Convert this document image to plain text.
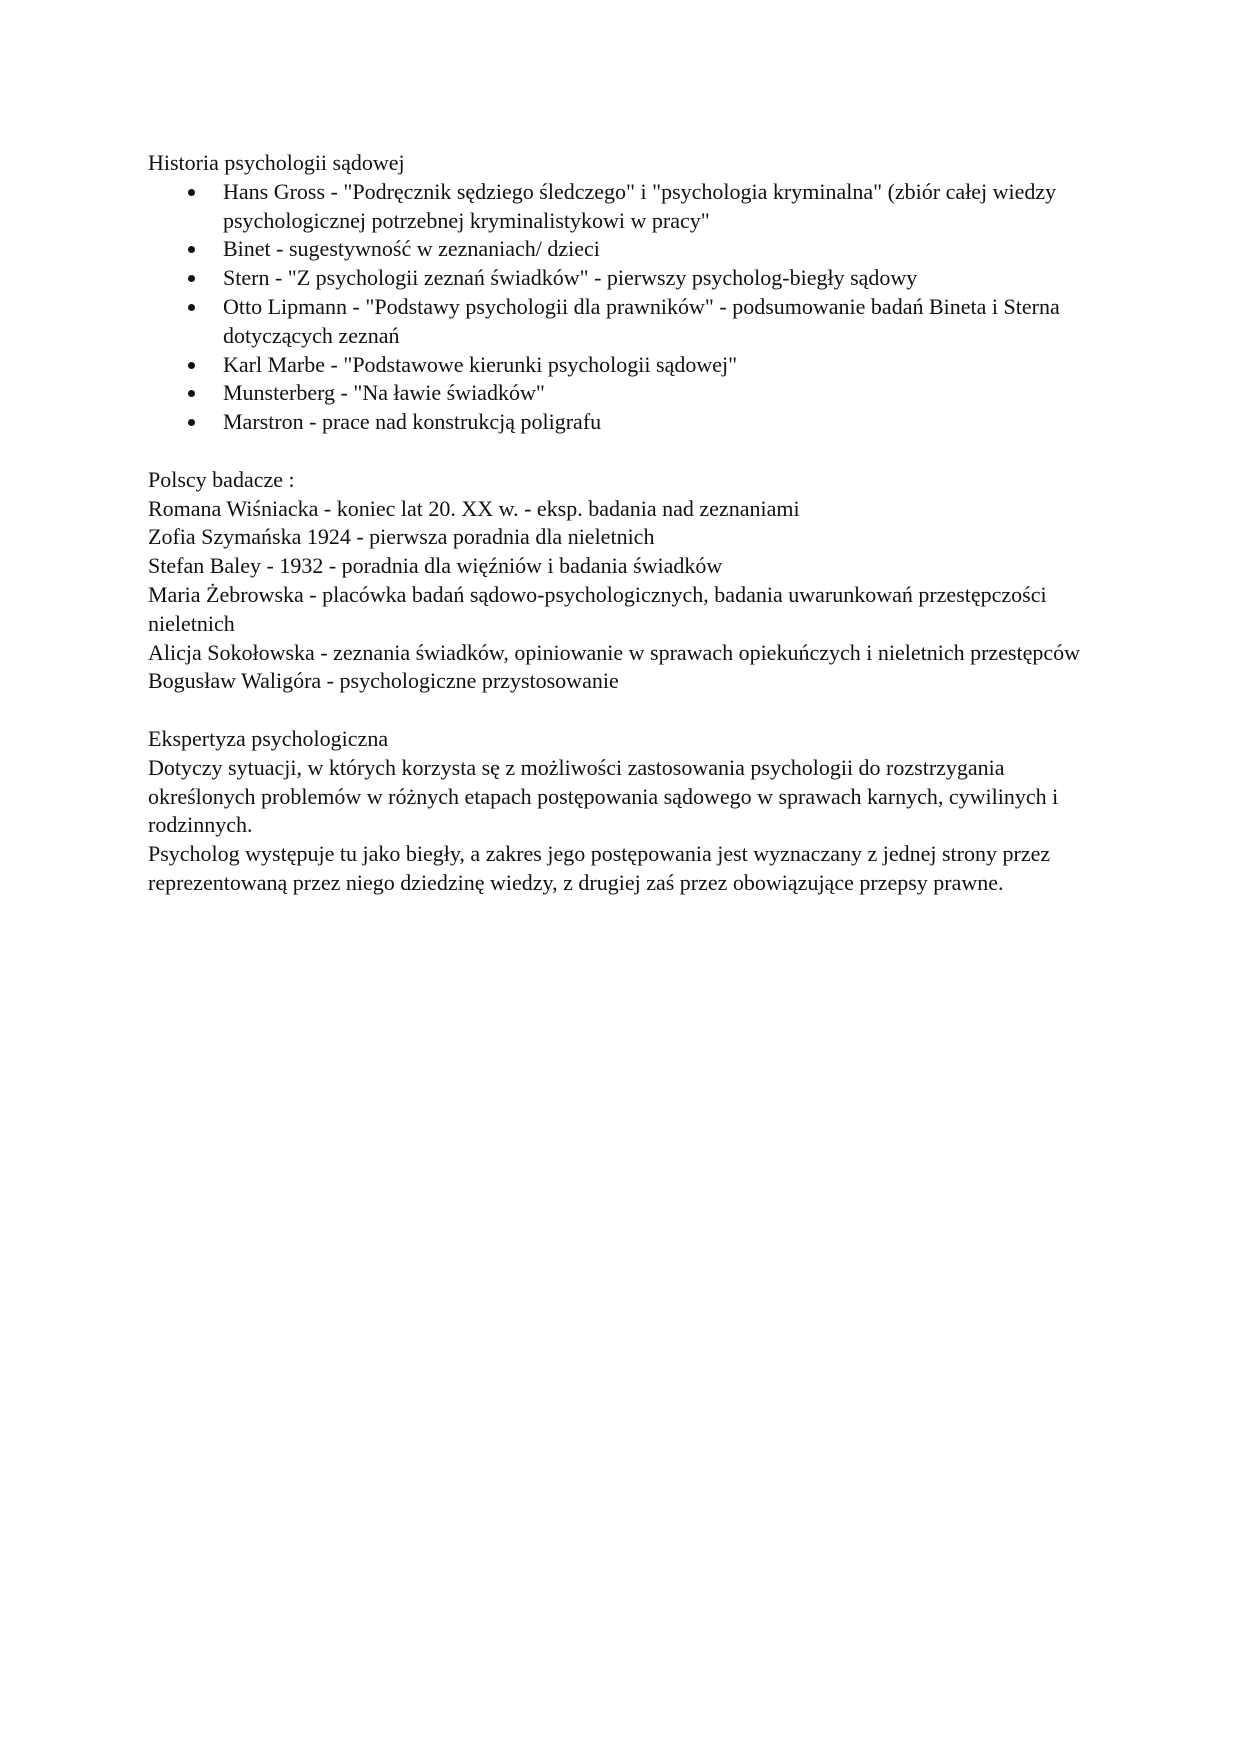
Historia psychologii sądowej

Hans Gross - "Podręcznik sędziego śledczego" i "psychologia kryminalna" (zbiór całej wiedzy psychologicznej potrzebnej kryminalistykowi w pracy"
Binet - sugestywność w zeznaniach/ dzieci
Stern - "Z psychologii zeznań świadków" - pierwszy psycholog-biegły sądowy
Otto Lipmann - "Podstawy psychologii dla prawników" - podsumowanie badań Bineta i Sterna dotyczących zeznań
Karl Marbe - "Podstawowe kierunki psychologii sądowej"
Munsterberg - "Na ławie świadków"
Marstron - prace nad konstrukcją poligrafu

Polscy badacze :

Romana Wiśniacka - koniec lat 20. XX w. - eksp. badania nad zeznaniami

Zofia Szymańska 1924 - pierwsza poradnia dla nieletnich

Stefan Baley - 1932 - poradnia dla więźniów i badania świadków

Maria Żebrowska - placówka badań sądowo-psychologicznych, badania uwarunkowań przestępczości nieletnich

Alicja Sokołowska - zeznania świadków, opiniowanie w sprawach opiekuńczych i nieletnich przestępców

Bogusław Waligóra - psychologiczne przystosowanie

Ekspertyza psychologiczna

Dotyczy sytuacji, w których korzysta sę z możliwości zastosowania psychologii do rozstrzygania określonych problemów w różnych etapach postępowania sądowego w sprawach karnych, cywilinych i rodzinnych.

Psycholog występuje tu jako biegły, a zakres jego postępowania jest wyznaczany z jednej strony przez reprezentowaną przez niego dziedzinę wiedzy, z drugiej zaś przez obowiązujące przepsy prawne.
